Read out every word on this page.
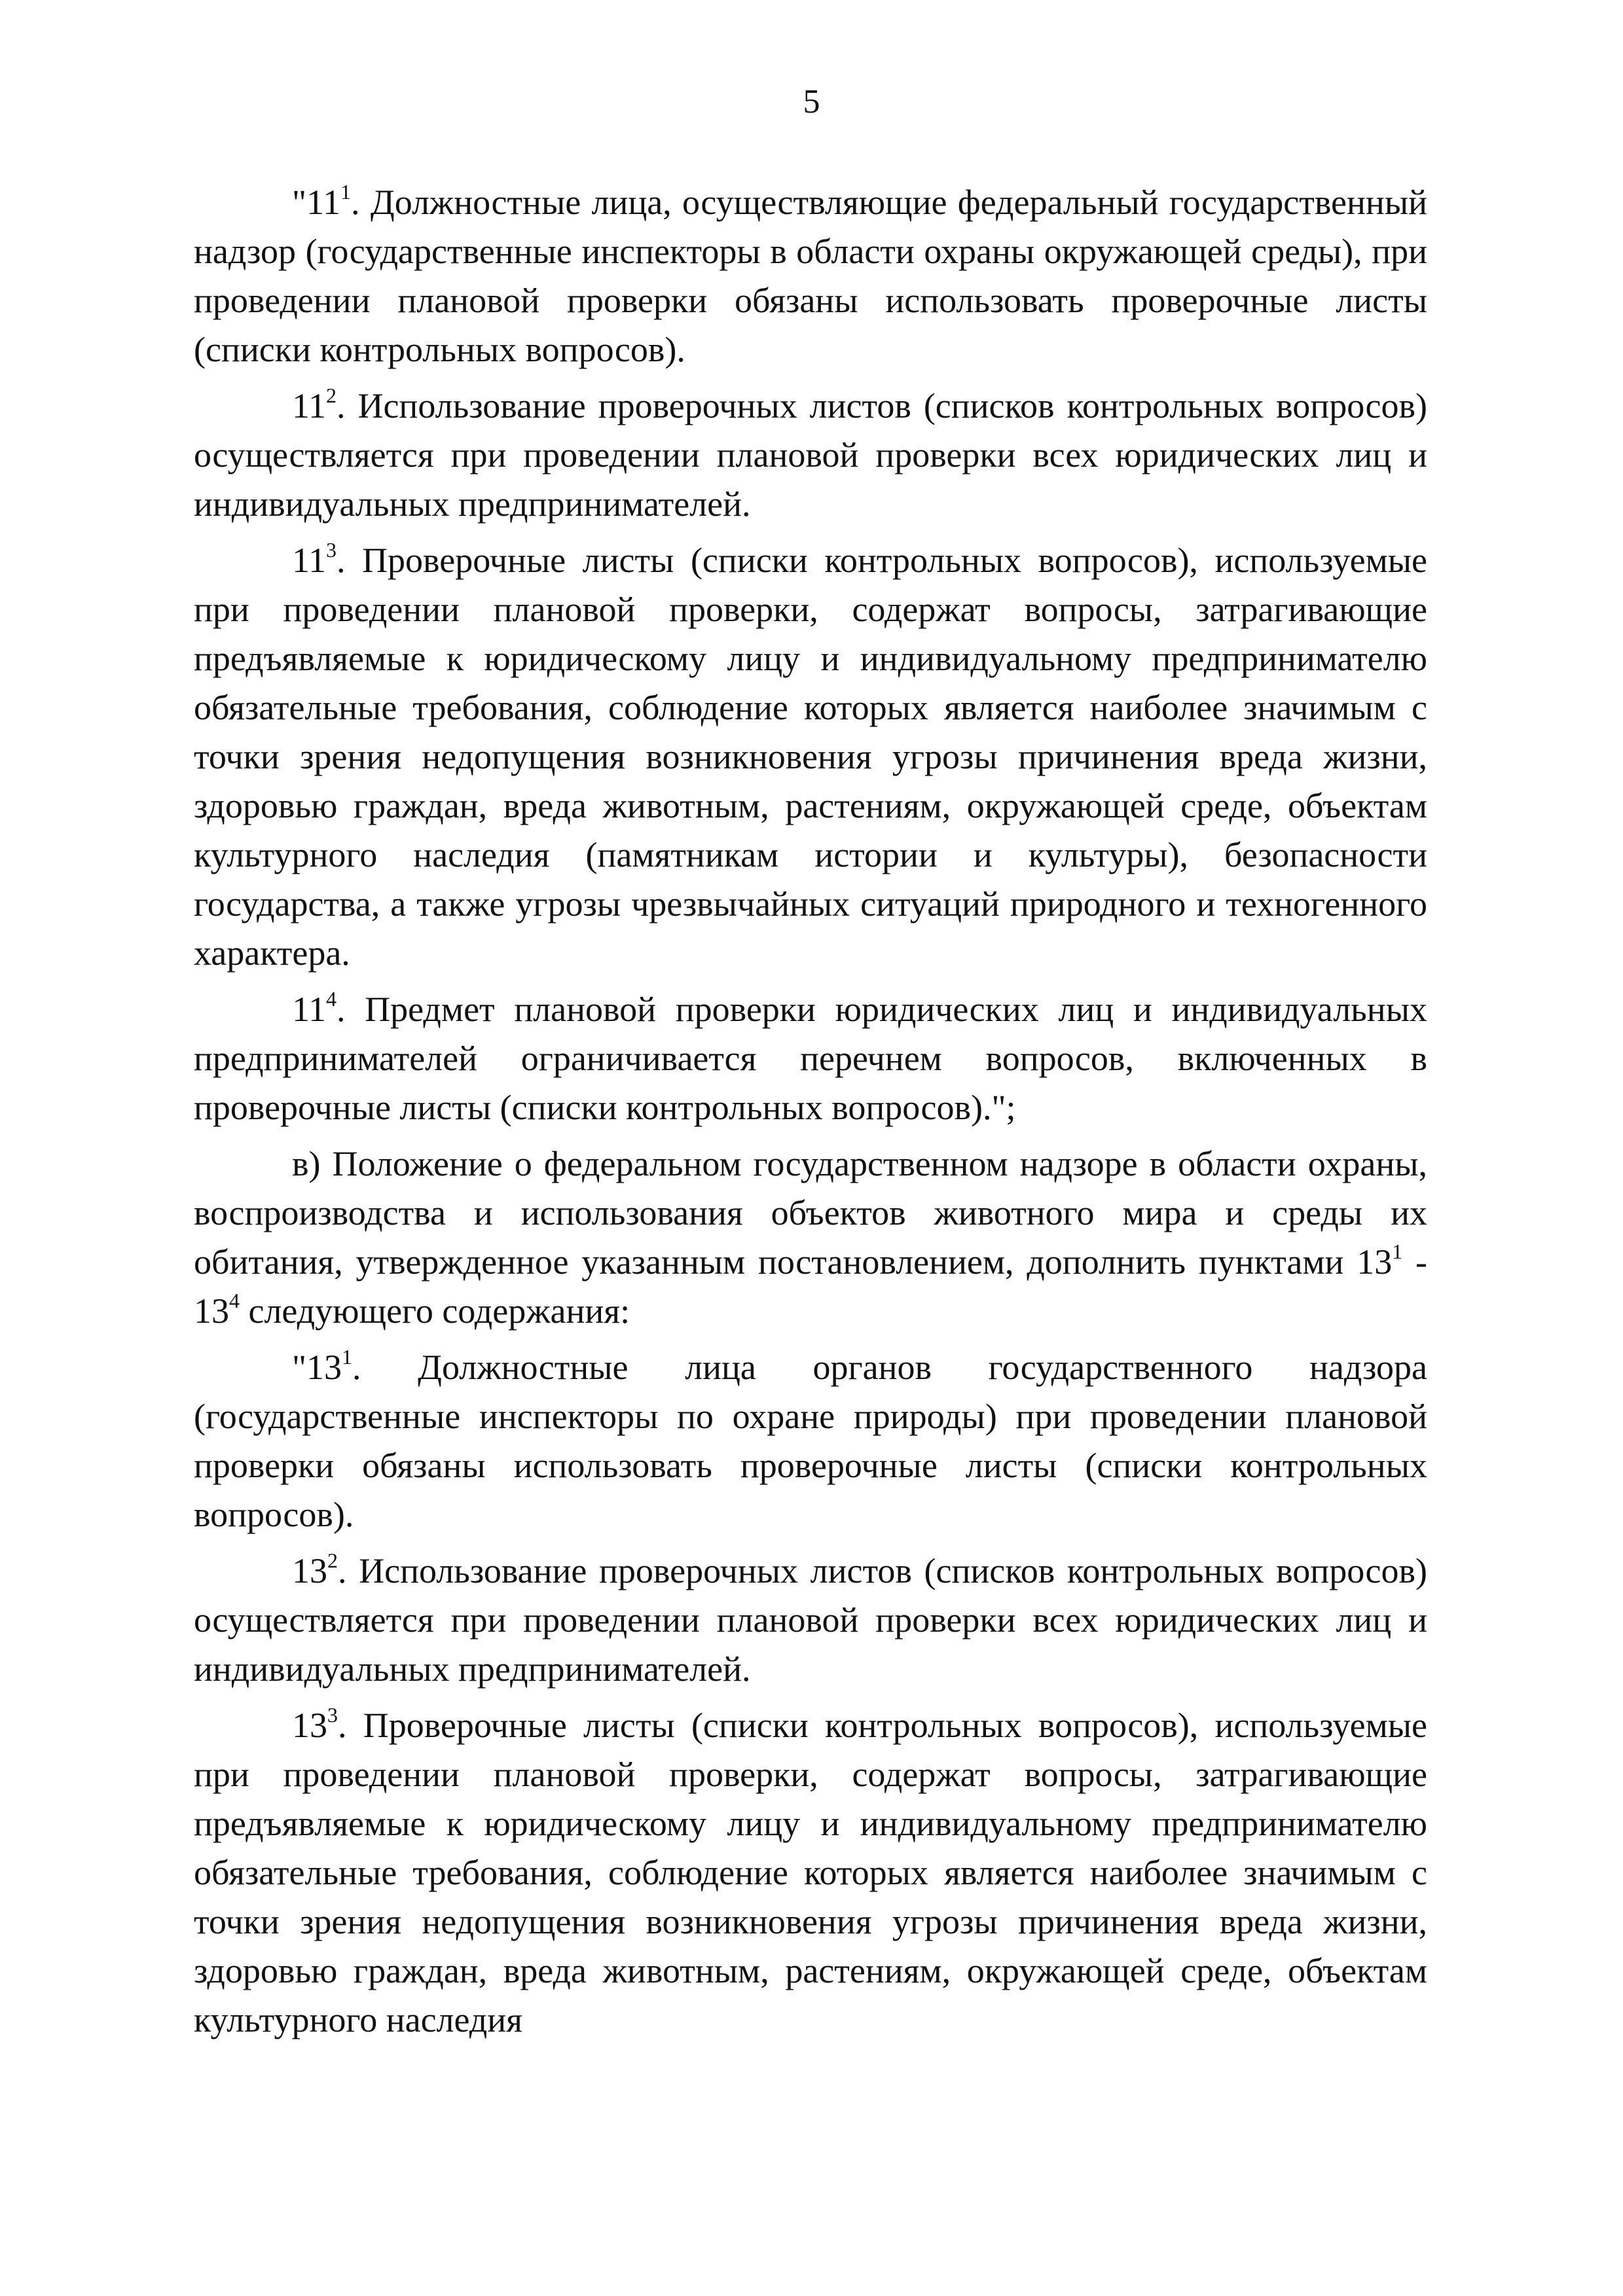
5

"$11^1$. Должностные лица, осуществляющие федеральный государственный надзор (государственные инспекторы в области охраны окружающей среды), при проведении плановой проверки обязаны использовать проверочные листы (списки контрольных вопросов).

$11^2$. Использование проверочных листов (списков контрольных вопросов) осуществляется при проведении плановой проверки всех юридических лиц и индивидуальных предпринимателей.

$11^3$. Проверочные листы (списки контрольных вопросов), используемые при проведении плановой проверки, содержат вопросы, затрагивающие предъявляемые к юридическому лицу и индивидуальному предпринимателю обязательные требования, соблюдение которых является наиболее значимым с точки зрения недопущения возникновения угрозы причинения вреда жизни, здоровью граждан, вреда животным, растениям, окружающей среде, объектам культурного наследия (памятникам истории и культуры), безопасности государства, а также угрозы чрезвычайных ситуаций природного и техногенного характера.

$11^4$. Предмет плановой проверки юридических лиц и индивидуальных предпринимателей ограничивается перечнем вопросов, включенных в проверочные листы (списки контрольных вопросов).";

в) Положение о федеральном государственном надзоре в области охраны, воспроизводства и использования объектов животного мира и среды их обитания, утвержденное указанным постановлением, дополнить пунктами $13^1 - 13^4$ следующего содержания:

"$13^1$. Должностные лица органов государственного надзора (государственные инспекторы по охране природы) при проведении плановой проверки обязаны использовать проверочные листы (списки контрольных вопросов).

$13^2$. Использование проверочных листов (списков контрольных вопросов) осуществляется при проведении плановой проверки всех юридических лиц и индивидуальных предпринимателей.

$13^3$. Проверочные листы (списки контрольных вопросов), используемые при проведении плановой проверки, содержат вопросы, затрагивающие предъявляемые к юридическому лицу и индивидуальному предпринимателю обязательные требования, соблюдение которых является наиболее значимым с точки зрения недопущения возникновения угрозы причинения вреда жизни, здоровью граждан, вреда животным, растениям, окружающей среде, объектам культурного наследия
